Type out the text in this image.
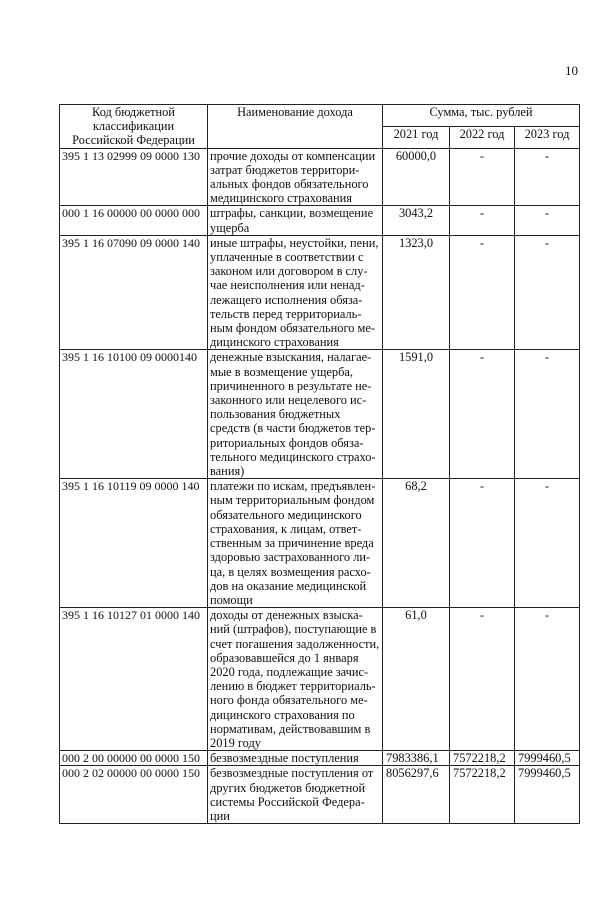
10
Код бюджетной классификации Российской Федерации	Наименование дохода	Сумма, тыс. рублей		
		2021 год	2022 год	2023 год
395 1 13 02999 09 0000 130	прочие доходы от компенсации затрат бюджетов территори-альных фондов обязательного медицинского страхования	60000,0	-	-
000 1 16 00000 00 0000 000	штрафы, санкции, возмещение ущерба	3043,2	-	-
395 1 16 07090 09 0000 140	иные штрафы, неустойки, пени, уплаченные в соответствии с законом или договором в слу-чае неисполнения или ненад-лежащего исполнения обяза-тельств перед территориаль-ным фондом обязательного ме-дицинского страхования	1323,0	-	-
395 1 16 10100 09 0000140	денежные взыскания, налагае-мые в возмещение ущерба, причиненного в результате не-законного или нецелевого ис-пользования бюджетных средств (в части бюджетов тер-риториальных фондов обяза-тельного медицинского страхо-вания)	1591,0	-	-
395 1 16 10119 09 0000 140	платежи по искам, предъявлен-ным территориальным фондом обязательного медицинского страхования, к лицам, ответ-ственным за причинение вреда здоровью застрахованного ли-ца, в целях возмещения расхо-дов на оказание медицинской помощи	68,2	-	-
395 1 16 10127 01 0000 140	доходы от денежных взыска-ний (штрафов), поступающие в счет погашения задолженности, образовавшейся до 1 января 2020 года, подлежащие зачис-лению в бюджет территориаль-ного фонда обязательного ме-дицинского страхования по нормативам, действовавшим в 2019 году	61,0	-	-
000 2 00 00000 00 0000 150	безвозмездные поступления	7983386,1	7572218,2	7999460,5
000 2 02 00000 00 0000 150	безвозмездные поступления от других бюджетов бюджетной системы Российской Федера-ции	8056297,6	7572218,2	7999460,5
